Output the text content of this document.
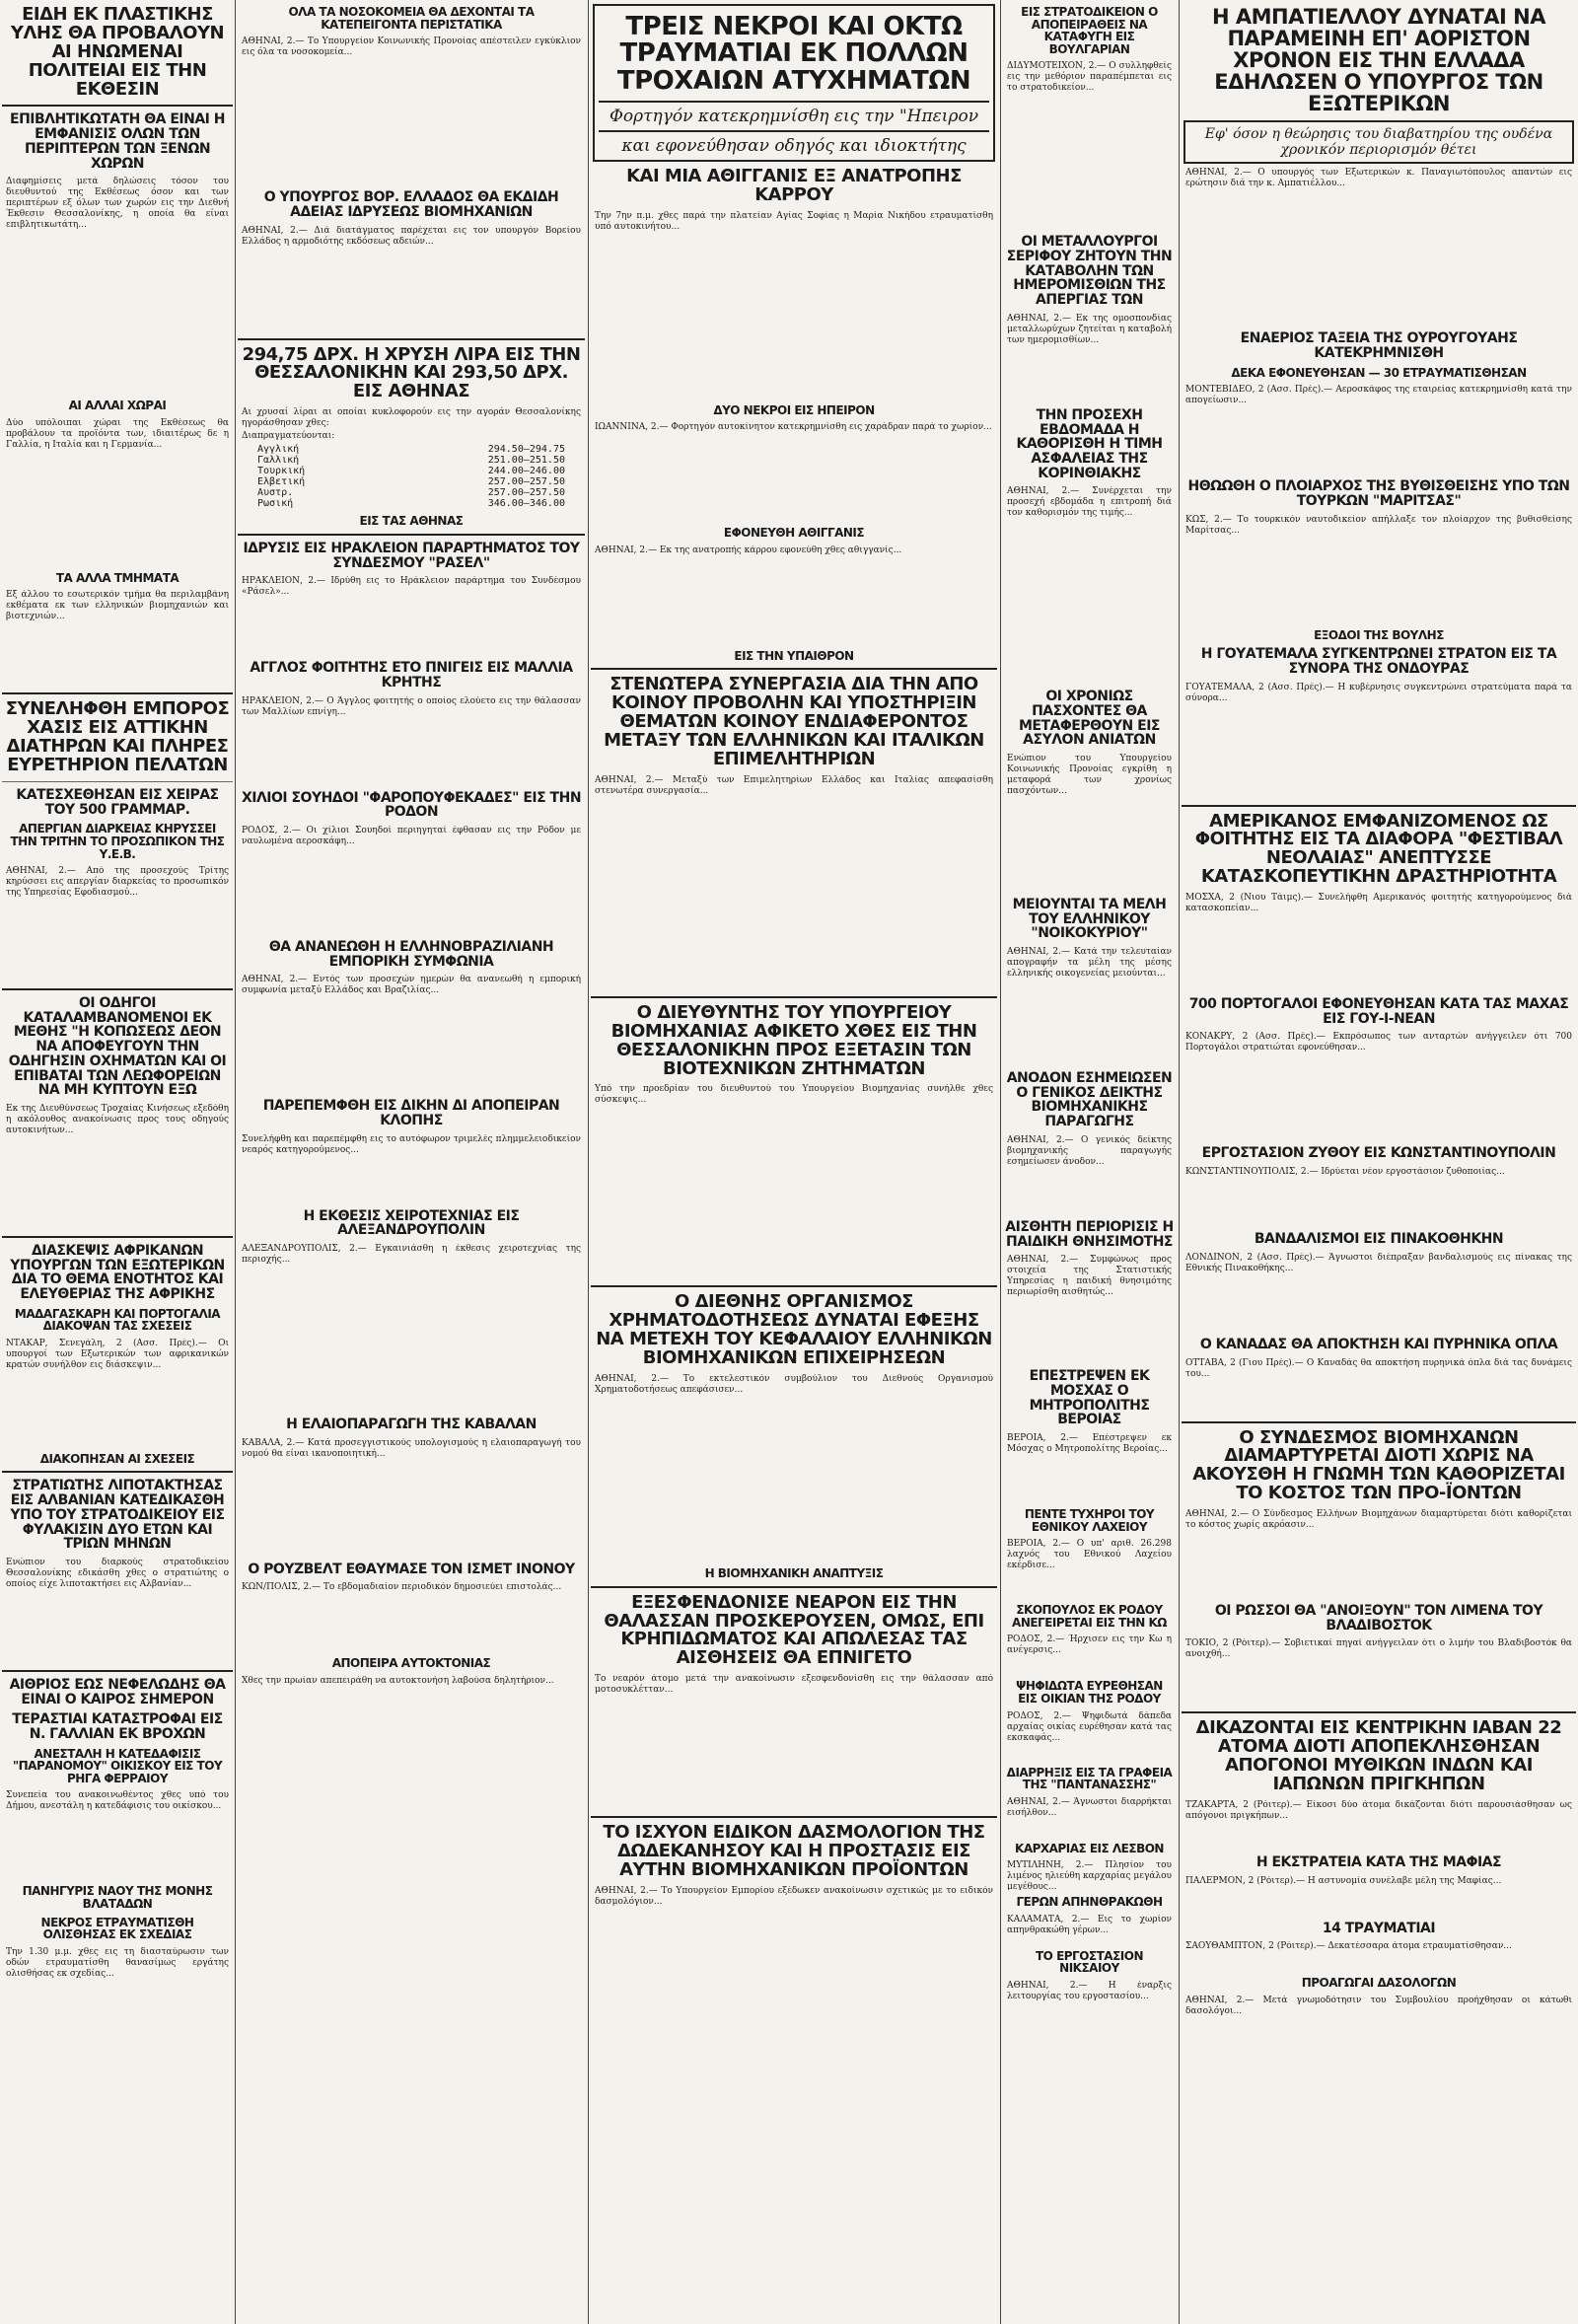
ΕΙΔΗ ΕΚ ΠΛΑΣΤΙΚΗΣ ΥΛΗΣ ΘΑ ΠΡΟΒΑΛΟΥΝ ΑΙ ΗΝΩΜΕΝΑΙ ΠΟΛΙΤΕΙΑΙ ΕΙΣ ΤΗΝ ΕΚΘΕΣΙΝ
ΕΠΙΒΛΗΤΙΚΩΤΑΤΗ ΘΑ ΕΙΝΑΙ Η ΕΜΦΑΝΙΣΙΣ ΟΛΩΝ ΤΩΝ ΠΕΡΙΠΤΕΡΩΝ ΤΩΝ ΞΕΝΩΝ ΧΩΡΩΝ
Διαφημίσεις μετά δηλώσεις τόσον του διευθυντού της Εκθέσεως όσον και των περιπτέρων εξ όλων των χωρών εις την Διεθνή Έκθεσιν Θεσσαλονίκης, η οποία θα είναι επιβλητικωτάτη...
ΑΙ ΑΛΛΑΙ ΧΩΡΑΙ
Δύο υπόλοιπαι χώραι της Εκθέσεως θα προβάλουν τα προϊόντα των, ιδιαιτέρως δε η Γαλλία, η Ιταλία και η Γερμανία...
ΤΑ ΑΛΛΑ ΤΜΗΜΑΤΑ
Εξ άλλου το εσωτερικόν τμήμα θα περιλαμβάνη εκθέματα εκ των ελληνικών βιομηχανιών και βιοτεχνιών...
ΣΥΝΕΛΗΦΘΗ ΕΜΠΟΡΟΣ ΧΑΣΙΣ ΕΙΣ ΑΤΤΙΚΗΝ ΔΙΑΤΗΡΩΝ ΚΑΙ ΠΛΗΡΕΣ ΕΥΡΕΤΗΡΙΟΝ ΠΕΛΑΤΩΝ
ΚΑΤΕΣΧΕΘΗΣΑΝ ΕΙΣ ΧΕΙΡΑΣ ΤΟΥ 500 ΓΡΑΜΜΑΡ.
ΑΠΕΡΓΙΑΝ ΔΙΑΡΚΕΙΑΣ ΚΗΡΥΣΣΕΙ ΤΗΝ ΤΡΙΤΗΝ ΤΟ ΠΡΟΣΩΠΙΚΟΝ ΤΗΣ Υ.Ε.Β.
ΑΘΗΝΑΙ, 2.— Από της προσεχούς Τρίτης κηρύσσει εις απεργίαν διαρκείας το προσωπικόν της Υπηρεσίας Εφοδιασμού...
ΟΙ ΟΔΗΓΟΙ ΚΑΤΑΛΑΜΒΑΝΟΜΕΝΟΙ ΕΚ ΜΕΘΗΣ "Η ΚΟΠΩΣΕΩΣ ΔΕΟΝ ΝΑ ΑΠΟΦΕΥΓΟΥΝ ΤΗΝ ΟΔΗΓΗΣΙΝ ΟΧΗΜΑΤΩΝ ΚΑΙ ΟΙ ΕΠΙΒΑΤΑΙ ΤΩΝ ΛΕΩΦΟΡΕΙΩΝ ΝΑ ΜΗ ΚΥΠΤΟΥΝ ΕΞΩ
Εκ της Διευθύνσεως Τροχαίας Κινήσεως εξεδόθη η ακόλουθος ανακοίνωσις προς τους οδηγούς αυτοκινήτων...
ΔΙΑΣΚΕΨΙΣ ΑΦΡΙΚΑΝΩΝ ΥΠΟΥΡΓΩΝ ΤΩΝ ΕΞΩΤΕΡΙΚΩΝ ΔΙΑ ΤΟ ΘΕΜΑ ΕΝΟΤΗΤΟΣ ΚΑΙ ΕΛΕΥΘΕΡΙΑΣ ΤΗΣ ΑΦΡΙΚΗΣ
ΜΑΔΑΓΑΣΚΑΡΗ ΚΑΙ ΠΟΡΤΟΓΑΛΙΑ ΔΙΑΚΟΨΑΝ ΤΑΣ ΣΧΕΣΕΙΣ
ΝΤΑΚΑΡ, Σενεγάλη, 2 (Ασσ. Πρές).— Οι υπουργοί των Εξωτερικών των αφρικανικών κρατών συνήλθον εις διάσκεψιν...
ΔΙΑΚΟΠΗΣΑΝ ΑΙ ΣΧΕΣΕΙΣ
ΣΤΡΑΤΙΩΤΗΣ ΛΙΠΟΤΑΚΤΗΣΑΣ ΕΙΣ ΑΛΒΑΝΙΑΝ ΚΑΤΕΔΙΚΑΣΘΗ ΥΠΟ ΤΟΥ ΣΤΡΑΤΟΔΙΚΕΙΟΥ ΕΙΣ ΦΥΛΑΚΙΣΙΝ ΔΥΟ ΕΤΩΝ ΚΑΙ ΤΡΙΩΝ ΜΗΝΩΝ
Ενώπιον του διαρκούς στρατοδικείου Θεσσαλονίκης εδικάσθη χθες ο στρατιώτης ο οποίος είχε λιποτακτήσει εις Αλβανίαν...
ΑΙΘΡΙΟΣ ΕΩΣ ΝΕΦΕΛΩΔΗΣ ΘΑ ΕΙΝΑΙ Ο ΚΑΙΡΟΣ ΣΗΜΕΡΟΝ
ΤΕΡΑΣΤΙΑΙ ΚΑΤΑΣΤΡΟΦΑΙ ΕΙΣ Ν. ΓΑΛΛΙΑΝ ΕΚ ΒΡΟΧΩΝ
ΑΝΕΣΤΑΛΗ Η ΚΑΤΕΔΑΦΙΣΙΣ "ΠΑΡΑΝΟΜΟΥ" ΟΙΚΙΣΚΟΥ ΕΙΣ ΤΟΥ ΡΗΓΑ ΦΕΡΡΑΙΟΥ
Συνεπεία του ανακοινωθέντος χθες υπό του Δήμου, ανεστάλη η κατεδάφισις του οικίσκου...
ΠΑΝΗΓΥΡΙΣ ΝΑΟΥ ΤΗΣ ΜΟΝΗΣ ΒΛΑΤΑΔΩΝ
ΝΕΚΡΟΣ ΕΤΡΑΥΜΑΤΙΣΘΗ ΟΛΙΣΘΗΣΑΣ ΕΚ ΣΧΕΔΙΑΣ
Την 1.30 μ.μ. χθες εις τη διασταύρωσιν των οδών ετραυματίσθη θανασίμως εργάτης ολισθήσας εκ σχεδίας...
ΟΛΑ ΤΑ ΝΟΣΟΚΟΜΕΙΑ ΘΑ ΔΕΧΟΝΤΑΙ ΤΑ ΚΑΤΕΠΕΙΓΟΝΤΑ ΠΕΡΙΣΤΑΤΙΚΑ
ΑΘΗΝΑΙ, 2.— Το Υπουργείον Κοινωνικής Προνοίας απέστειλεν εγκύκλιον εις όλα τα νοσοκομεία...
Ο ΥΠΟΥΡΓΟΣ ΒΟΡ. ΕΛΛΑΔΟΣ ΘΑ ΕΚΔΙΔΗ ΑΔΕΙΑΣ ΙΔΡΥΣΕΩΣ ΒΙΟΜΗΧΑΝΙΩΝ
ΑΘΗΝΑΙ, 2.— Διά διατάγματος παρέχεται εις τον υπουργόν Βορείου Ελλάδος η αρμοδιότης εκδόσεως αδειών...
294,75 ΔΡΧ. Η ΧΡΥΣΗ ΛΙΡΑ ΕΙΣ ΤΗΝ ΘΕΣΣΑΛΟΝΙΚΗΝ ΚΑΙ 293,50 ΔΡΧ. ΕΙΣ ΑΘΗΝΑΣ
Αι χρυσαί λίραι αι οποίαι κυκλοφορούν εις την αγοράν Θεσσαλονίκης ηγοράσθησαν χθες:
Διαπραγματεύονται:
Αγγλική	294.50—294.75
Γαλλική	251.00—251.50
Τουρκική	244.00—246.00
Ελβετική	257.00—257.50
Αυστρ.	257.00—257.50
Ρωσική	346.00—346.00
ΕΙΣ ΤΑΣ ΑΘΗΝΑΣ
ΙΔΡΥΣΙΣ ΕΙΣ ΗΡΑΚΛΕΙΟΝ ΠΑΡΑΡΤΗΜΑΤΟΣ ΤΟΥ ΣΥΝΔΕΣΜΟΥ "ΡΑΣΕΛ"
ΗΡΑΚΛΕΙΟΝ, 2.— Ιδρύθη εις το Ηράκλειον παράρτημα του Συνδέσμου «Ράσελ»...
ΑΓΓΛΟΣ ΦΟΙΤΗΤΗΣ ΕΤΟ ΠΝΙΓΕΙΣ ΕΙΣ ΜΑΛΛΙΑ ΚΡΗΤΗΣ
ΗΡΑΚΛΕΙΟΝ, 2.— Ο Άγγλος φοιτητής ο οποίος ελούετο εις την θάλασσαν των Μαλλίων επνίγη...
ΧΙΛΙΟΙ ΣΟΥΗΔΟΙ "ΦΑΡΟΠΟΥΦΕΚΑΔΕΣ" ΕΙΣ ΤΗΝ ΡΟΔΟΝ
ΡΟΔΟΣ, 2.— Οι χίλιοι Σουηδοί περιηγηταί έφθασαν εις την Ρόδον με ναυλωμένα αεροσκάφη...
ΘΑ ΑΝΑΝΕΩΘΗ Η ΕΛΛΗΝΟΒΡΑΖΙΛΙΑΝΗ ΕΜΠΟΡΙΚΗ ΣΥΜΦΩΝΙΑ
ΑΘΗΝΑΙ, 2.— Εντός των προσεχών ημερών θα ανανεωθή η εμπορική συμφωνία μεταξύ Ελλάδος και Βραζιλίας...
ΠΑΡΕΠΕΜΦΘΗ ΕΙΣ ΔΙΚΗΝ ΔΙ ΑΠΟΠΕΙΡΑΝ ΚΛΟΠΗΣ
Συνελήφθη και παρεπέμφθη εις το αυτόφωρον τριμελές πλημμελειοδικείον νεαρός κατηγορούμενος...
Η ΕΚΘΕΣΙΣ ΧΕΙΡΟΤΕΧΝΙΑΣ ΕΙΣ ΑΛΕΞΑΝΔΡΟΥΠΟΛΙΝ
ΑΛΕΞΑΝΔΡΟΥΠΟΛΙΣ, 2.— Εγκαινιάσθη η έκθεσις χειροτεχνίας της περιοχής...
Η ΕΛΑΙΟΠΑΡΑΓΩΓΗ ΤΗΣ ΚΑΒΑΛΑΝ
ΚΑΒΑΛΑ, 2.— Κατά προσεγγιστικούς υπολογισμούς η ελαιοπαραγωγή του νομού θα είναι ικανοποιητική...
Ο ΡΟΥΖΒΕΛΤ ΕΘΑΥΜΑΣΕ ΤΟΝ ΙΣΜΕΤ ΙΝΟΝΟΥ
ΚΩΝ/ΠΟΛΙΣ, 2.— Το εβδομαδιαίον περιοδικόν δημοσιεύει επιστολάς...
ΑΠΟΠΕΙΡΑ ΑΥΤΟΚΤΟΝΙΑΣ
Χθες την πρωίαν απεπειράθη να αυτοκτονήση λαβούσα δηλητήριον...
ΤΡΕΙΣ ΝΕΚΡΟΙ ΚΑΙ ΟΚΤΩ ΤΡΑΥΜΑΤΙΑΙ ΕΚ ΠΟΛΛΩΝ ΤΡΟΧΑΙΩΝ ΑΤΥΧΗΜΑΤΩΝ
Φορτηγόν κατεκρημνίσθη εις την "Ηπειρον
και εφονεύθησαν οδηγός και ιδιοκτήτης
ΚΑΙ ΜΙΑ ΑΘΙΓΓΑΝΙΣ ΕΞ ΑΝΑΤΡΟΠΗΣ ΚΑΡΡΟΥ
Την 7ην π.μ. χθες παρά την πλατείαν Αγίας Σοφίας η Μαρία Νικήδου ετραυματίσθη υπό αυτοκινήτου...
ΔΥΟ ΝΕΚΡΟΙ ΕΙΣ ΗΠΕΙΡΟΝ
ΙΩΑΝΝΙΝΑ, 2.— Φορτηγόν αυτοκίνητον κατεκρημνίσθη εις χαράδραν παρά το χωρίον...
ΕΦΟΝΕΥΘΗ ΑΘΙΓΓΑΝΙΣ
ΑΘΗΝΑΙ, 2.— Εκ της ανατροπής κάρρου εφονεύθη χθες αθιγγανίς...
ΕΙΣ ΤΗΝ ΥΠΑΙΘΡΟΝ
ΣΤΕΝΩΤΕΡΑ ΣΥΝΕΡΓΑΣΙΑ ΔΙΑ ΤΗΝ ΑΠΟ ΚΟΙΝΟΥ ΠΡΟΒΟΛΗΝ ΚΑΙ ΥΠΟΣΤΗΡΙΞΙΝ ΘΕΜΑΤΩΝ ΚΟΙΝΟΥ ΕΝΔΙΑΦΕΡΟΝΤΟΣ ΜΕΤΑΞΥ ΤΩΝ ΕΛΛΗΝΙΚΩΝ ΚΑΙ ΙΤΑΛΙΚΩΝ ΕΠΙΜΕΛΗΤΗΡΙΩΝ
ΑΘΗΝΑΙ, 2.— Μεταξύ των Επιμελητηρίων Ελλάδος και Ιταλίας απεφασίσθη στενωτέρα συνεργασία...
Ο ΔΙΕΥΘΥΝΤΗΣ ΤΟΥ ΥΠΟΥΡΓΕΙΟΥ ΒΙΟΜΗΧΑΝΙΑΣ ΑΦΙΚΕΤΟ ΧΘΕΣ ΕΙΣ ΤΗΝ ΘΕΣΣΑΛΟΝΙΚΗΝ ΠΡΟΣ ΕΞΕΤΑΣΙΝ ΤΩΝ ΒΙΟΤΕΧΝΙΚΩΝ ΖΗΤΗΜΑΤΩΝ
Υπό την προεδρίαν του διευθυντού του Υπουργείου Βιομηχανίας συνήλθε χθες σύσκεψις...
Ο ΔΙΕΘΝΗΣ ΟΡΓΑΝΙΣΜΟΣ ΧΡΗΜΑΤΟΔΟΤΗΣΕΩΣ ΔΥΝΑΤΑΙ ΕΦΕΞΗΣ ΝΑ ΜΕΤΕΧΗ ΤΟΥ ΚΕΦΑΛΑΙΟΥ ΕΛΛΗΝΙΚΩΝ ΒΙΟΜΗΧΑΝΙΚΩΝ ΕΠΙΧΕΙΡΗΣΕΩΝ
ΑΘΗΝΑΙ, 2.— Το εκτελεστικόν συμβούλιον του Διεθνούς Οργανισμού Χρηματοδοτήσεως απεφάσισεν...
Η ΒΙΟΜΗΧΑΝΙΚΗ ΑΝΑΠΤΥΞΙΣ
ΕΞΕΣΦΕΝΔΟΝΙΣΕ ΝΕΑΡΟΝ ΕΙΣ ΤΗΝ ΘΑΛΑΣΣΑΝ ΠΡΟΣΚΕΡΟΥΣΕΝ, ΟΜΩΣ, ΕΠΙ ΚΡΗΠΙΔΩΜΑΤΟΣ ΚΑΙ ΑΠΩΛΕΣΑΣ ΤΑΣ ΑΙΣΘΗΣΕΙΣ ΘΑ ΕΠΝΙΓΕΤΟ
Το νεαρόν άτομο μετά την ανακοίνωσιν εξεσφενδονίσθη εις την θάλασσαν από μοτοσυκλέτταν...
ΤΟ ΙΣΧΥΟΝ ΕΙΔΙΚΟΝ ΔΑΣΜΟΛΟΓΙΟΝ ΤΗΣ ΔΩΔΕΚΑΝΗΣΟΥ ΚΑΙ Η ΠΡΟΣΤΑΣΙΣ ΕΙΣ ΑΥΤΗΝ ΒΙΟΜΗΧΑΝΙΚΩΝ ΠΡΟΪΟΝΤΩΝ
ΑΘΗΝΑΙ, 2.— Το Υπουργείον Εμπορίου εξέδωκεν ανακοίνωσιν σχετικώς με το ειδικόν δασμολόγιον...
ΕΙΣ ΣΤΡΑΤΟΔΙΚΕΙΟΝ Ο ΑΠΟΠΕΙΡΑΘΕΙΣ ΝΑ ΚΑΤΑΦΥΓΗ ΕΙΣ ΒΟΥΛΓΑΡΙΑΝ
ΔΙΔΥΜΟΤΕΙΧΟΝ, 2.— Ο συλληφθείς εις την μεθόριον παραπέμπεται εις το στρατοδικείον...
ΟΙ ΜΕΤΑΛΛΟΥΡΓΟΙ ΣΕΡΙΦΟΥ ΖΗΤΟΥΝ ΤΗΝ ΚΑΤΑΒΟΛΗΝ ΤΩΝ ΗΜΕΡΟΜΙΣΘΙΩΝ ΤΗΣ ΑΠΕΡΓΙΑΣ ΤΩΝ
ΑΘΗΝΑΙ, 2.— Εκ της ομοσπονδίας μεταλλωρύχων ζητείται η καταβολή των ημερομισθίων...
ΤΗΝ ΠΡΟΣΕΧΗ ΕΒΔΟΜΑΔΑ Η ΚΑΘΟΡΙΣΘΗ Η ΤΙΜΗ ΑΣΦΑΛΕΙΑΣ ΤΗΣ ΚΟΡΙΝΘΙΑΚΗΣ
ΑΘΗΝΑΙ, 2.— Συνέρχεται την προσεχή εβδομάδα η επιτροπή διά τον καθορισμόν της τιμής...
ΟΙ ΧΡΟΝΙΩΣ ΠΑΣΧΟΝΤΕΣ ΘΑ ΜΕΤΑΦΕΡΘΟΥΝ ΕΙΣ ΑΣΥΛΟΝ ΑΝΙΑΤΩΝ
Ενώπιον του Υπουργείου Κοινωνικής Προνοίας εγκρίθη η μεταφορά των χρονίως πασχόντων...
ΜΕΙΟΥΝΤΑΙ ΤΑ ΜΕΛΗ ΤΟΥ ΕΛΛΗΝΙΚΟΥ "ΝΟΙΚΟΚΥΡΙΟΥ"
ΑΘΗΝΑΙ, 2.— Κατά την τελευταίαν απογραφήν τα μέλη της μέσης ελληνικής οικογενείας μειούνται...
ΑΝΟΔΟΝ ΕΣΗΜΕΙΩΣΕΝ Ο ΓΕΝΙΚΟΣ ΔΕΙΚΤΗΣ ΒΙΟΜΗΧΑΝΙΚΗΣ ΠΑΡΑΓΩΓΗΣ
ΑΘΗΝΑΙ, 2.— Ο γενικός δείκτης βιομηχανικής παραγωγής εσημείωσεν άνοδον...
ΑΙΣΘΗΤΗ ΠΕΡΙΟΡΙΣΙΣ Η ΠΑΙΔΙΚΗ ΘΝΗΣΙΜΟΤΗΣ
ΑΘΗΝΑΙ, 2.— Συμφώνως προς στοιχεία της Στατιστικής Υπηρεσίας η παιδική θνησιμότης περιωρίσθη αισθητώς...
ΕΠΕΣΤΡΕΨΕΝ ΕΚ ΜΟΣΧΑΣ Ο ΜΗΤΡΟΠΟΛΙΤΗΣ ΒΕΡΟΙΑΣ
ΒΕΡΟΙΑ, 2.— Επέστρεψεν εκ Μόσχας ο Μητροπολίτης Βεροίας...
ΠΕΝΤΕ ΤΥΧΗΡΟΙ ΤΟΥ ΕΘΝΙΚΟΥ ΛΑΧΕΙΟΥ
ΒΕΡΟΙΑ, 2.— Ο υπ' αριθ. 26.298 λαχνός του Εθνικού Λαχείου εκέρδισε...
ΣΚΟΠΟΥΛΟΣ ΕΚ ΡΟΔΟΥ ΑΝΕΓΕΙΡΕΤΑΙ ΕΙΣ ΤΗΝ ΚΩ
ΡΟΔΟΣ, 2.— Ήρχισεν εις την Κω η ανέγερσις...
ΨΗΦΙΔΩΤΑ ΕΥΡΕΘΗΣΑΝ ΕΙΣ ΟΙΚΙΑΝ ΤΗΣ ΡΟΔΟΥ
ΡΟΔΟΣ, 2.— Ψηφιδωτά δάπεδα αρχαίας οικίας ευρέθησαν κατά τας εκσκαφάς...
ΔΙΑΡΡΗΞΙΣ ΕΙΣ ΤΑ ΓΡΑΦΕΙΑ ΤΗΣ "ΠΑΝΤΑΝΑΣΣΗΣ"
ΑΘΗΝΑΙ, 2.— Άγνωστοι διαρρήκται εισήλθον...
ΚΑΡΧΑΡΙΑΣ ΕΙΣ ΛΕΣΒΟΝ
ΜΥΤΙΛΗΝΗ, 2.— Πλησίον του λιμένος ηλιεύθη καρχαρίας μεγάλου μεγέθους...
ΓΕΡΩΝ ΑΠΗΝΘΡΑΚΩΘΗ
ΚΑΛΑΜΑΤΑ, 2.— Εις το χωρίον απηνθρακώθη γέρων...
ΤΟ ΕΡΓΟΣΤΑΣΙΟΝ ΝΙΚΣΑΙΟΥ
ΑΘΗΝΑΙ, 2.— Η έναρξις λειτουργίας του εργοστασίου...
Η ΑΜΠΑΤΙΕΛΛΟΥ ΔΥΝΑΤΑΙ ΝΑ ΠΑΡΑΜΕΙΝΗ ΕΠ' ΑΟΡΙΣΤΟΝ ΧΡΟΝΟΝ ΕΙΣ ΤΗΝ ΕΛΛΑΔΑ ΕΔΗΛΩΣΕΝ Ο ΥΠΟΥΡΓΟΣ ΤΩΝ ΕΞΩΤΕΡΙΚΩΝ
Εφ' όσον η θεώρησις του διαβατηρίου της ουδένα χρονικόν περιορισμόν θέτει
ΑΘΗΝΑΙ, 2.— Ο υπουργός των Εξωτερικών κ. Παναγιωτόπουλος απαντών εις ερώτησιν διά την κ. Αμπατιέλλου...
ΕΝΑΕΡΙΟΣ ΤΑΞΕΙΑ ΤΗΣ ΟΥΡΟΥΓΟΥΑΗΣ ΚΑΤΕΚΡΗΜΝΙΣΘΗ
ΔΕΚΑ ΕΦΟΝΕΥΘΗΣΑΝ — 30 ΕΤΡΑΥΜΑΤΙΣΘΗΣΑΝ
ΜΟΝΤΕΒΙΔΕΟ, 2 (Ασσ. Πρές).— Αεροσκάφος της εταιρείας κατεκρημνίσθη κατά την απογείωσιν...
ΗΘΩΩΘΗ Ο ΠΛΟΙΑΡΧΟΣ ΤΗΣ ΒΥΘΙΣΘΕΙΣΗΣ ΥΠΟ ΤΩΝ ΤΟΥΡΚΩΝ "ΜΑΡΙΤΣΑΣ"
ΚΩΣ, 2.— Το τουρκικόν ναυτοδικείον απήλλαξε τον πλοίαρχον της βυθισθείσης Μαρίτσας...
ΕΞΟΔΟΙ ΤΗΣ ΒΟΥΛΗΣ
Η ΓΟΥΑΤΕΜΑΛΑ ΣΥΓΚΕΝΤΡΩΝΕΙ ΣΤΡΑΤΟΝ ΕΙΣ ΤΑ ΣΥΝΟΡΑ ΤΗΣ ΟΝΔΟΥΡΑΣ
ΓΟΥΑΤΕΜΑΛΑ, 2 (Ασσ. Πρές).— Η κυβέρνησις συγκεντρώνει στρατεύματα παρά τα σύνορα...
ΑΜΕΡΙΚΑΝΟΣ ΕΜΦΑΝΙΖΟΜΕΝΟΣ ΩΣ ΦΟΙΤΗΤΗΣ ΕΙΣ ΤΑ ΔΙΑΦΟΡΑ "ΦΕΣΤΙΒΑΛ ΝΕΟΛΑΙΑΣ" ΑΝΕΠΤΥΣΣΕ ΚΑΤΑΣΚΟΠΕΥΤΙΚΗΝ ΔΡΑΣΤΗΡΙΟΤΗΤΑ
ΜΟΣΧΑ, 2 (Νιου Τάιμς).— Συνελήφθη Αμερικανός φοιτητής κατηγορούμενος διά κατασκοπείαν...
700 ΠΟΡΤΟΓΑΛΟΙ ΕΦΟΝΕΥΘΗΣΑΝ ΚΑΤΑ ΤΑΣ ΜΑΧΑΣ ΕΙΣ ΓΟΥ-Ι-ΝΕΑΝ
ΚΟΝΑΚΡΥ, 2 (Ασσ. Πρές).— Εκπρόσωπος των ανταρτών ανήγγειλεν ότι 700 Πορτογάλοι στρατιώται εφονεύθησαν...
ΕΡΓΟΣΤΑΣΙΟΝ ΖΥΘΟΥ ΕΙΣ ΚΩΝΣΤΑΝΤΙΝΟΥΠΟΛΙΝ
ΚΩΝΣΤΑΝΤΙΝΟΥΠΟΛΙΣ, 2.— Ιδρύεται νέον εργοστάσιον ζυθοποιίας...
ΒΑΝΔΑΛΙΣΜΟΙ ΕΙΣ ΠΙΝΑΚΟΘΗΚΗΝ
ΛΟΝΔΙΝΟΝ, 2 (Ασσ. Πρές).— Άγνωστοι διέπραξαν βανδαλισμούς εις πίνακας της Εθνικής Πινακοθήκης...
Ο ΚΑΝΑΔΑΣ ΘΑ ΑΠΟΚΤΗΣΗ ΚΑΙ ΠΥΡΗΝΙΚΑ ΟΠΛΑ
ΟΤΤΑΒΑ, 2 (Γιου Πρές).— Ο Καναδάς θα αποκτήση πυρηνικά όπλα διά τας δυνάμεις του...
Ο ΣΥΝΔΕΣΜΟΣ ΒΙΟΜΗΧΑΝΩΝ ΔΙΑΜΑΡΤΥΡΕΤΑΙ ΔΙΟΤΙ ΧΩΡΙΣ ΝΑ ΑΚΟΥΣΘΗ Η ΓΝΩΜΗ ΤΩΝ ΚΑΘΟΡΙΖΕΤΑΙ ΤΟ ΚΟΣΤΟΣ ΤΩΝ ΠΡΟ-ΪΟΝΤΩΝ
ΑΘΗΝΑΙ, 2.— Ο Σύνδεσμος Ελλήνων Βιομηχάνων διαμαρτύρεται διότι καθορίζεται το κόστος χωρίς ακρόασιν...
ΟΙ ΡΩΣΣΟΙ ΘΑ "ΑΝΟΙΞΟΥΝ" ΤΟΝ ΛΙΜΕΝΑ ΤΟΥ ΒΛΑΔΙΒΟΣΤΟΚ
ΤΟΚΙΟ, 2 (Ρόιτερ).— Σοβιετικαί πηγαί ανήγγειλαν ότι ο λιμήν του Βλαδιβοστόκ θα ανοιχθή...
ΔΙΚΑΖΟΝΤΑΙ ΕΙΣ ΚΕΝΤΡΙΚΗΝ ΙΑΒΑΝ 22 ΑΤΟΜΑ ΔΙΟΤΙ ΑΠΟΠΕΚΛΗΣΘΗΣΑΝ ΑΠΟΓΟΝΟΙ ΜΥΘΙΚΩΝ ΙΝΔΩΝ ΚΑΙ ΙΑΠΩΝΩΝ ΠΡΙΓΚΗΠΩΝ
ΤΖΑΚΑΡΤΑ, 2 (Ρόιτερ).— Είκοσι δύο άτομα δικάζονται διότι παρουσιάσθησαν ως απόγονοι πριγκήπων...
Η ΕΚΣΤΡΑΤΕΙΑ ΚΑΤΑ ΤΗΣ ΜΑΦΙΑΣ
ΠΑΛΕΡΜΟΝ, 2 (Ρόιτερ).— Η αστυνομία συνέλαβε μέλη της Μαφίας...
14 ΤΡΑΥΜΑΤΙΑΙ
ΣΑΟΥΘΑΜΠΤΟΝ, 2 (Ρόιτερ).— Δεκατέσσαρα άτομα ετραυματίσθησαν...
ΠΡΟΑΓΩΓΑΙ ΔΑΣΟΛΟΓΩΝ
ΑΘΗΝΑΙ, 2.— Μετά γνωμοδότησιν του Συμβουλίου προήχθησαν οι κάτωθι δασολόγοι...
